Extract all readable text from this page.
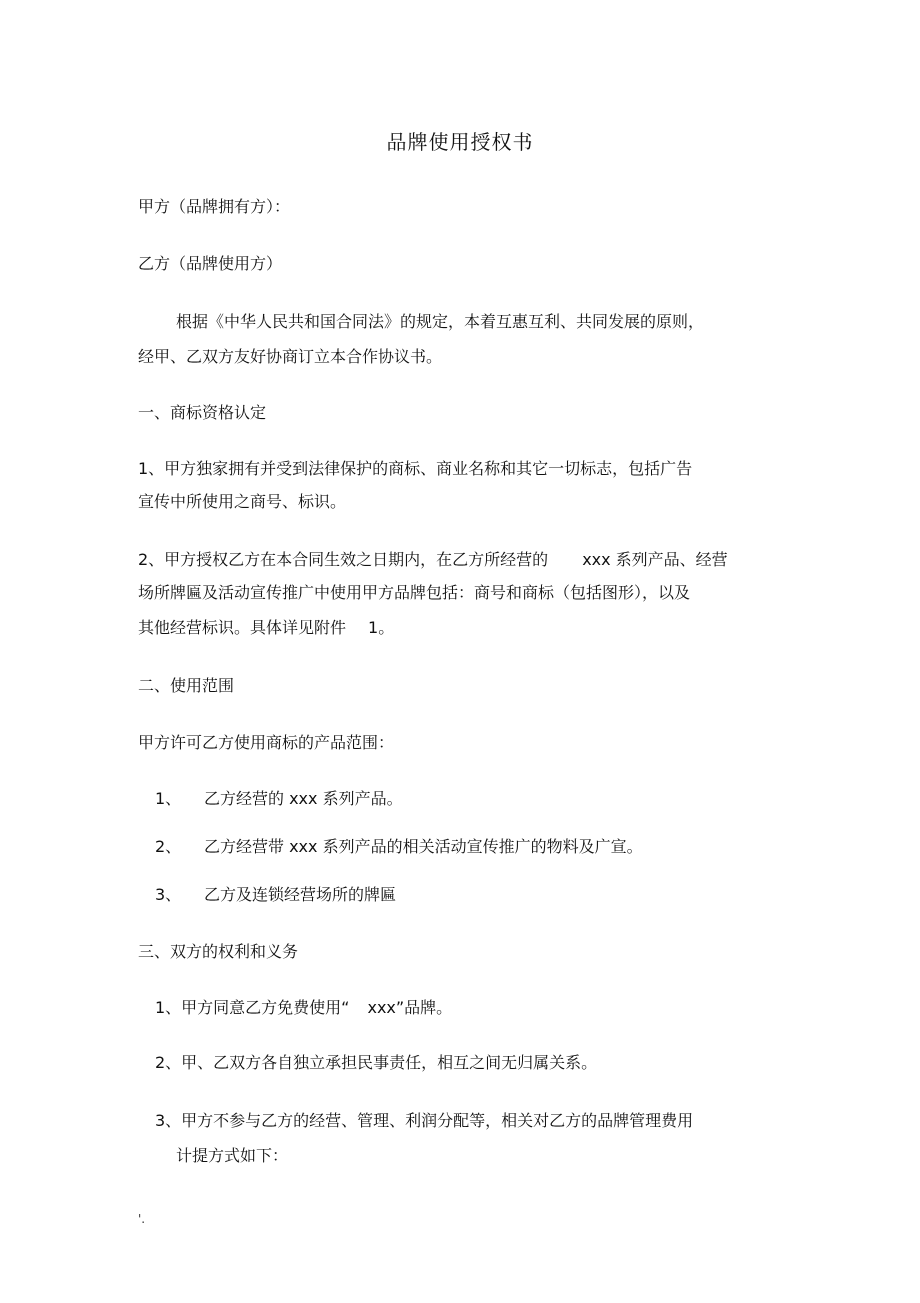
品牌使用授权书
甲方（品牌拥有方）：
乙方（品牌使用方）
根据《中华人民共和国合同法》的规定，本着互惠互利、共同发展的原则，
经甲、乙双方友好协商订立本合作协议书。
一、商标资格认定
1、甲方独家拥有并受到法律保护的商标、商业名称和其它一切标志，包括广告
宣传中所使用之商号、标识。
2、甲方授权乙方在本合同生效之日期内，在乙方所经营的 xxx 系列产品、经营
场所牌匾及活动宣传推广中使用甲方品牌包括：商号和商标（包括图形），以及
其他经营标识。具体详见附件 1。
二、使用范围
甲方许可乙方使用商标的产品范围：
1、 乙方经营的 xxx 系列产品。
2、 乙方经营带 xxx 系列产品的相关活动宣传推广的物料及广宣。
3、 乙方及连锁经营场所的牌匾
三、双方的权利和义务
1、甲方同意乙方免费使用“ xxx”品牌。
2、甲、乙双方各自独立承担民事责任，相互之间无归属关系。
3、甲方不参与乙方的经营、管理、利润分配等，相关对乙方的品牌管理费用
计提方式如下：
'.
